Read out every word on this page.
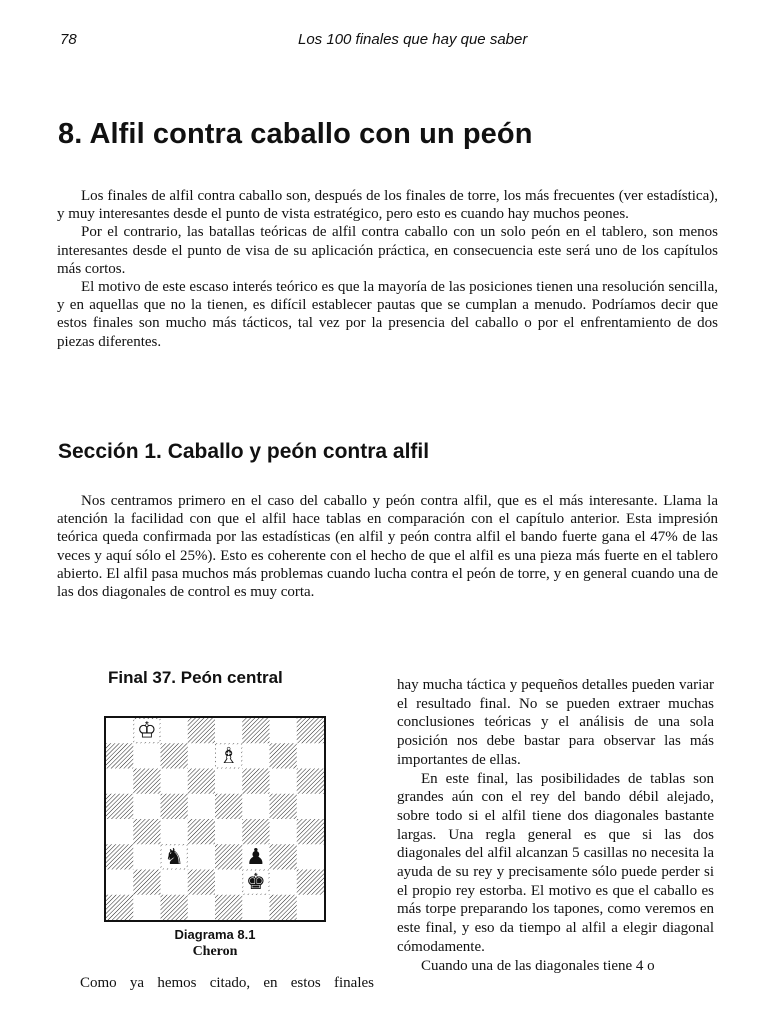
78	Los 100 finales que hay que saber
8. Alfil contra caballo con un peón

Los finales de alfil contra caballo son, después de los finales de torre, los más frecuentes (ver estadística), y muy interesantes desde el punto de vista estratégico, pero esto es cuando hay muchos peones.

Por el contrario, las batallas teóricas de alfil contra caballo con un solo peón en el tablero, son menos interesantes desde el punto de visa de su aplicación práctica, en consecuencia este será uno de los capítulos más cortos.

El motivo de este escaso interés teórico es que la mayoría de las posiciones tienen una resolución sencilla, y en aquellas que no la tienen, es difícil establecer pautas que se cumplan a menudo. Podríamos decir que estos finales son mucho más tácticos, tal vez por la presencia del caballo o por el enfrentamiento de dos piezas diferentes.

Sección 1. Caballo y peón contra alfil

Nos centramos primero en el caso del caballo y peón contra alfil, que es el más interesante. Llama la atención la facilidad con que el alfil hace tablas en comparación con el capítulo anterior. Esta impresión teórica queda confirmada por las estadísticas (en alfil y peón contra alfil el bando fuerte gana el 47% de las veces y aquí sólo el 25%). Esto es coherente con el hecho de que el alfil es una pieza más fuerte en el tablero abierto. El alfil pasa muchos más problemas cuando lucha contra el peón de torre, y en general cuando una de las dos diagonales de control es muy corta.

Final 37. Peón central
♔
♗
♞	♟
♚
Diagrama 8.1
Cheron
Como ya hemos citado, en estos finales

hay mucha táctica y pequeños detalles pueden variar el resultado final. No se pueden extraer muchas conclusiones teóricas y el análisis de una sola posición nos debe bastar para observar las más importantes de ellas.

En este final, las posibilidades de tablas son grandes aún con el rey del bando débil alejado, sobre todo si el alfil tiene dos diagonales bastante largas. Una regla general es que si las dos diagonales del alfil alcanzan 5 casillas no necesita la ayuda de su rey y precisamente sólo puede perder si el propio rey estorba. El motivo es que el caballo es más torpe preparando los tapones, como veremos en este final, y eso da tiempo al alfil a elegir diagonal cómodamente.

Cuando una de las diagonales tiene 4 o
